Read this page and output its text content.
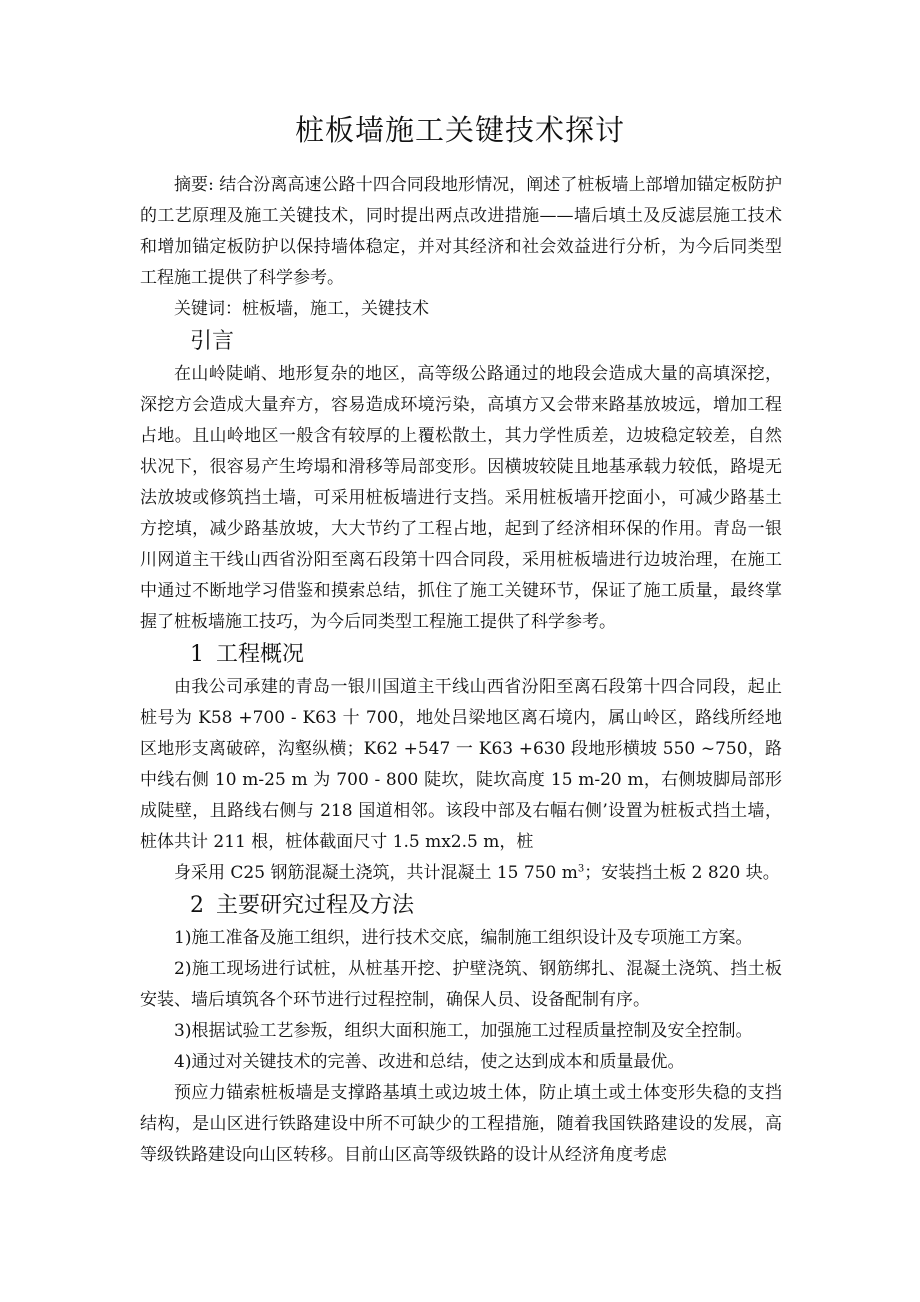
桩板墙施工关键技术探讨

摘要: 结合汾离高速公路十四合同段地形情况，阐述了桩板墙上部增加锚定板防护的工艺原理及施工关键技术，同时提出两点改进措施——墙后填土及反滤层施工技术和增加锚定板防护以保持墙体稳定，并对其经济和社会效益进行分析，为今后同类型工程施工提供了科学参考。

关键词：桩板墙，施工，关键技术

引言

在山岭陡峭、地形复杂的地区，高等级公路通过的地段会造成大量的高填深挖，深挖方会造成大量弃方，容易造成环境污染，高填方又会带来路基放坡远，增加工程占地。且山岭地区一般含有较厚的上覆松散土，其力学性质差，边坡稳定较差，自然状况下，很容易产生垮塌和滑移等局部变形。因横坡较陡且地基承载力较低，路堤无法放坡或修筑挡土墙，可采用桩板墙进行支挡。采用桩板墙开挖面小，可减少路基土方挖填，减少路基放坡，大大节约了工程占地，起到了经济相环保的作用。青岛一银川网道主干线山西省汾阳至离石段第十四合同段，采用桩板墙进行边坡治理，在施工中通过不断地学习借鉴和摸索总结，抓住了施工关键环节，保证了施工质量，最终掌握了桩板墙施工技巧，为今后同类型工程施工提供了科学参考。

1 工程概况

由我公司承建的青岛一银川国道主干线山西省汾阳至离石段第十四合同段，起止桩号为 K58 +700 - K63 十 700，地处吕梁地区离石境内，属山岭区，路线所经地区地形支离破碎，沟壑纵横；K62 +547 一 K63 +630 段地形横坡 550 ~750，路中线右侧 10 m-25 m 为 700 - 800 陡坎，陡坎高度 15 m-20 m，右侧坡脚局部形成陡壁，且路线右侧与 218 国道相邻。该段中部及右幅右侧’设置为桩板式挡土墙，桩体共计 211 根，桩体截面尺寸 1.5 mx2.5 m，桩

身采用 C25 钢筋混凝土浇筑，共计混凝土 15 750 $m^3$；安装挡土板 2 820 块。

2 主要研究过程及方法

1)施工准备及施工组织，进行技术交底，编制施工组织设计及专项施工方案。

2)施工现场进行试桩，从桩基开挖、护壁浇筑、钢筋绑扎、混凝土浇筑、挡土板安装、墙后填筑各个环节进行过程控制，确保人员、设备配制有序。

3)根据试验工艺参叛，组织大面积施工，加强施工过程质量控制及安全控制。

4)通过对关键技术的完善、改进和总结，使之达到成本和质量最优。

预应力锚索桩板墙是支撑路基填土或边坡土体，防止填土或土体变形失稳的支挡结构，是山区进行铁路建设中所不可缺少的工程措施，随着我国铁路建设的发展，高等级铁路建设向山区转移。目前山区高等级铁路的设计从经济角度考虑
